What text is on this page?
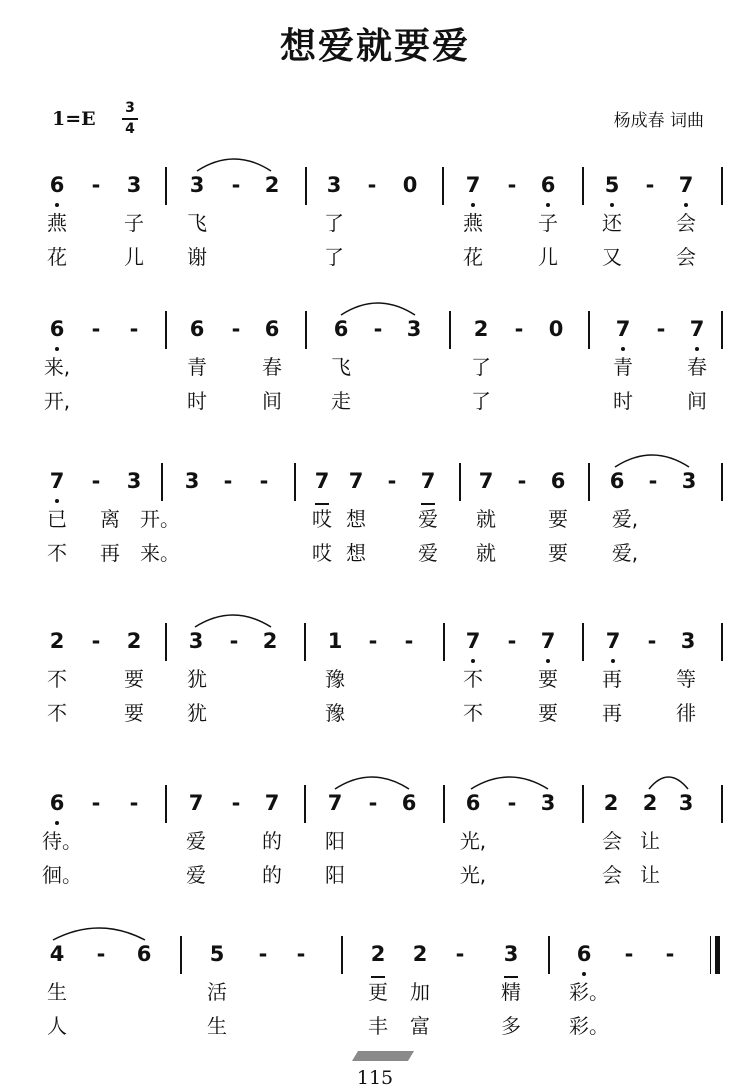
想爱就要爱
1=E	3
4	杨成春 词曲
6	-	3 3	-	2 3	-	0 7	-	6 5	-	7
燕	子 飞	了	燕	子 还	会
花	儿 谢	了	花	儿 又	会
6	-	-	6	-	6	6	-	3 2	-	0 7	-	7
来,	青	春 飞	了	青	春
开,	时	间 走	了	时	间
7	-	3 3	-	-	7 7	-	7 7	-	6 6	-	3
已 离 开。	哎 想	爱 就	要 爱,
不 再 来。	哎 想	爱 就	要 爱,
2	-	2 3	-	2 1	-	-	7	-	7 7	-	3
不	要 犹	豫	不	要 再	等
不	要 犹	豫	不	要 再	徘
6	-	-	7	-	7 7	-	6 6	-	3 2 2 3
待。	爱	的 阳	光,	会 让
徊。	爱	的 阳	光,	会 让
4	-	6	5	-	-	2 2	-	3	6	-	-
生	活	更 加	精 彩。
人	生	丰 富	多 彩。
115
